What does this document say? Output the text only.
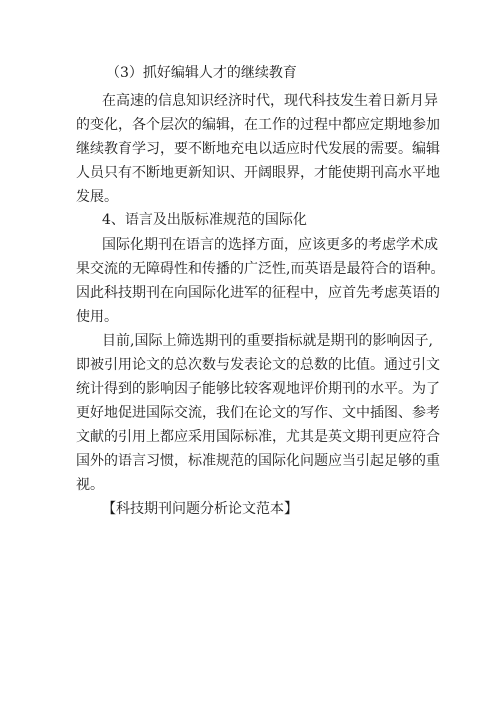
（3）抓好编辑人才的继续教育
在高速的信息知识经济时代，现代科技发生着日新月异
的变化，各个层次的编辑，在工作的过程中都应定期地参加
继续教育学习，要不断地充电以适应时代发展的需要。编辑
人员只有不断地更新知识、开阔眼界，才能使期刊高水平地
发展。
4、语言及出版标准规范的国际化
国际化期刊在语言的选择方面，应该更多的考虑学术成
果交流的无障碍性和传播的广泛性,而英语是最符合的语种。
因此科技期刊在向国际化进军的征程中，应首先考虑英语的
使用。
目前,国际上筛选期刊的重要指标就是期刊的影响因子,
即被引用论文的总次数与发表论文的总数的比值。通过引文
统计得到的影响因子能够比较客观地评价期刊的水平。为了
更好地促进国际交流，我们在论文的写作、文中插图、参考
文献的引用上都应采用国际标准，尤其是英文期刊更应符合
国外的语言习惯，标准规范的国际化问题应当引起足够的重
视。
【科技期刊问题分析论文范本】
